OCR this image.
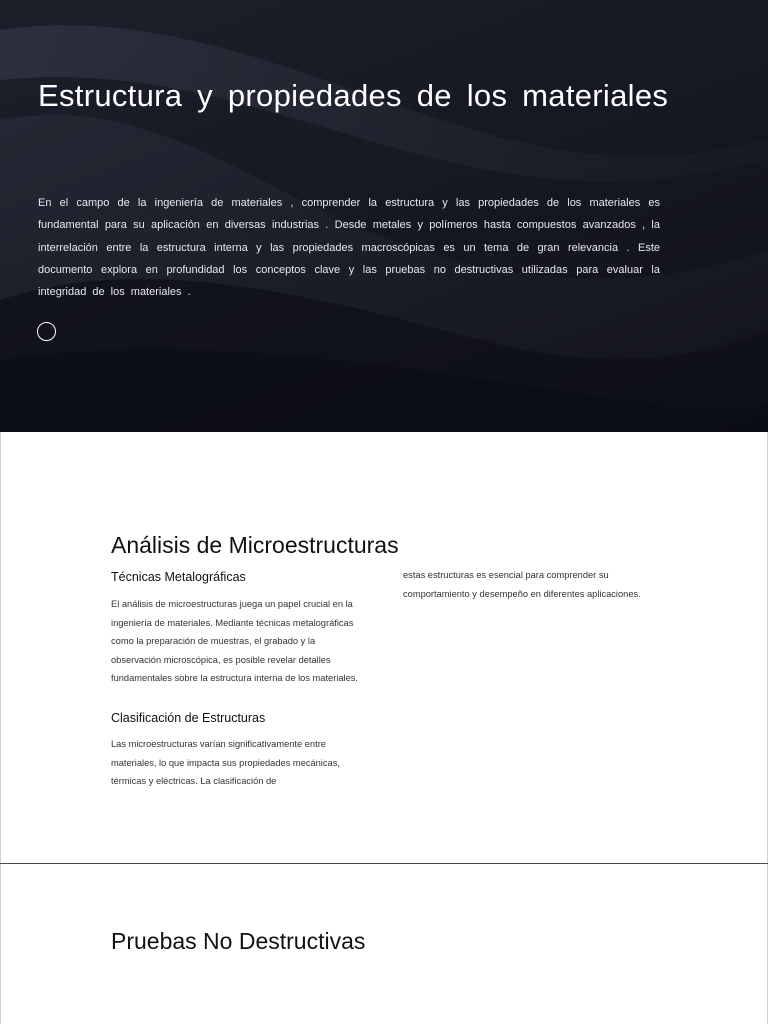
Estructura y propiedades de los materiales

En el campo de la ingeniería de materiales , comprender la estructura y las propiedades de los materiales es fundamental para su aplicación en diversas industrias . Desde metales y polímeros hasta compuestos avanzados , la interrelación entre la estructura interna y las propiedades macroscópicas es un tema de gran relevancia . Este documento explora en profundidad los conceptos clave y las pruebas no destructivas utilizadas para evaluar la integridad de los materiales .

Análisis de Microestructuras
Técnicas Metalográficas

El análisis de microestructuras juega un papel crucial en la ingeniería de materiales. Mediante técnicas metalográficas como la preparación de muestras, el grabado y la observación microscópica, es posible revelar detalles fundamentales sobre la estructura interna de los materiales.

Clasificación de Estructuras

Las microestructuras varían significativamente entre materiales, lo que impacta sus propiedades mecánicas, térmicas y eléctricas. La clasificación de

estas estructuras es esencial para comprender su comportamiento y desempeño en diferentes aplicaciones.

Pruebas No Destructivas
